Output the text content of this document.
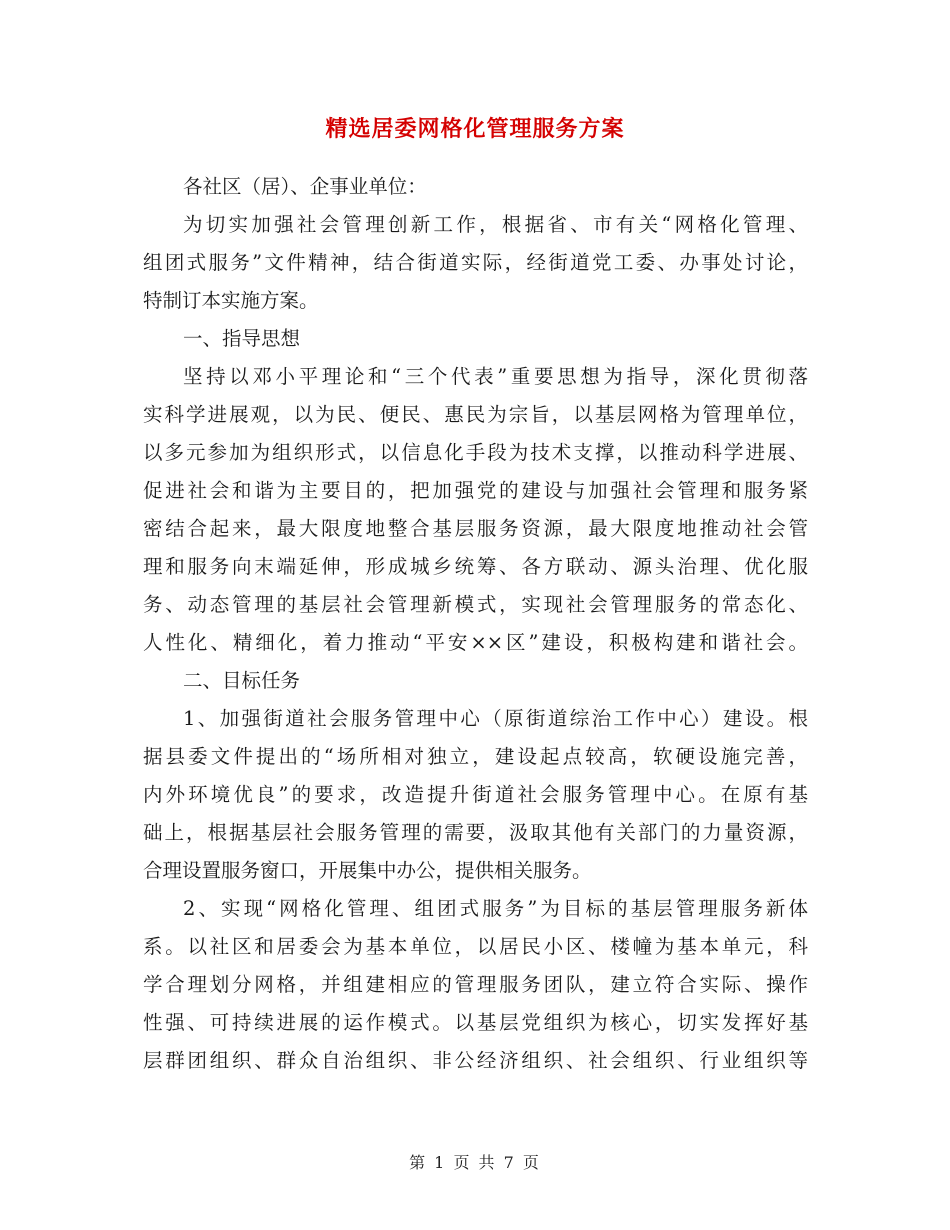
精选居委网格化管理服务方案
各社区（居）、企事业单位：
为切实加强社会管理创新工作，根据省、市有关“网格化管理、
组团式服务”文件精神，结合街道实际，经街道党工委、办事处讨论，
特制订本实施方案。
一、指导思想
坚持以邓小平理论和“三个代表”重要思想为指导，深化贯彻落
实科学进展观，以为民、便民、惠民为宗旨，以基层网格为管理单位，
以多元参加为组织形式，以信息化手段为技术支撑，以推动科学进展、
促进社会和谐为主要目的，把加强党的建设与加强社会管理和服务紧
密结合起来，最大限度地整合基层服务资源，最大限度地推动社会管
理和服务向末端延伸，形成城乡统筹、各方联动、源头治理、优化服
务、动态管理的基层社会管理新模式，实现社会管理服务的常态化、
人性化、精细化，着力推动“平安××区”建设，积极构建和谐社会。
二、目标任务
1、加强街道社会服务管理中心（原街道综治工作中心）建设。根
据县委文件提出的“场所相对独立，建设起点较高，软硬设施完善，
内外环境优良”的要求，改造提升街道社会服务管理中心。在原有基
础上，根据基层社会服务管理的需要，汲取其他有关部门的力量资源，
合理设置服务窗口，开展集中办公，提供相关服务。
2、实现“网格化管理、组团式服务”为目标的基层管理服务新体
系。以社区和居委会为基本单位，以居民小区、楼幢为基本单元，科
学合理划分网格，并组建相应的管理服务团队，建立符合实际、操作
性强、可持续进展的运作模式。以基层党组织为核心，切实发挥好基
层群团组织、群众自治组织、非公经济组织、社会组织、行业组织等
第 1 页 共 7 页
